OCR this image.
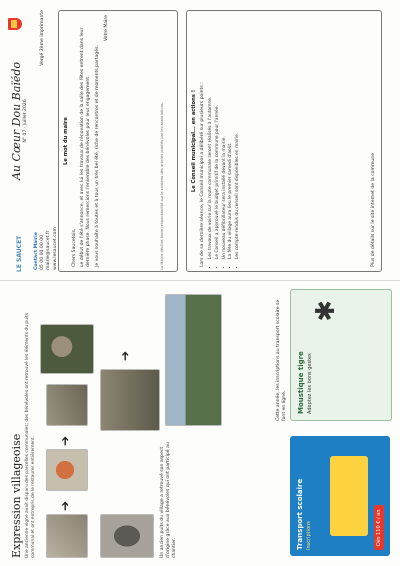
Expression villageoise Une ancienne vigne avait disparu des parcelles communales; des bénévoles ont retrouvé les éléments du puits communal et ont entrepris de le restaurer entièrement. ➔
➔
➔
Un ancien puits du village a retrouvé son aspect d'origine grâce aux bénévoles qui ont participé au chantier.	Transport scolaire Inscriptions	Dès 110 € / an
Moustique tigre Adoptez les bons gestes
✱
Cette année, les inscriptions au transport scolaire se font en ligne.
LE SAUCET	Contact Mairie 05 00 00 00 00 mairie@saucet.fr www.lesaucet.com
Au Cœur Dou Baïédo N° 07 · Juillet 2026
Vergé 2ème imprimante
Le mot du maire
Chers Saucetois, Le début de l'été s'annonce, et avec lui les travaux de rénovation de la salle des fêtes entrent dans leur dernière phase. Nous remercions l'ensemble des bénévoles pour leur engagement. Je vous souhaite à toutes et à tous un très bel été, riche de rencontres et de moments partagés.
Votre Maire
Le Conseil municipal... en actions ! Lors de sa dernière séance, le Conseil municipal a délibéré sur plusieurs points : • Les travaux de voirie sur la route communale seront réalisés à l'automne. • Le Conseil a approuvé le budget primitif de la commune pour l'année. • Un nouveau défibrillateur sera installé devant la mairie. • La fête du village aura lieu le premier samedi d'août. • Les compte-rendus du conseil sont disponibles en mairie.	Plus de détails sur le site internet de la commune
La Mairie décline toute responsabilité sur le contenu des articles publiés par les associations.
